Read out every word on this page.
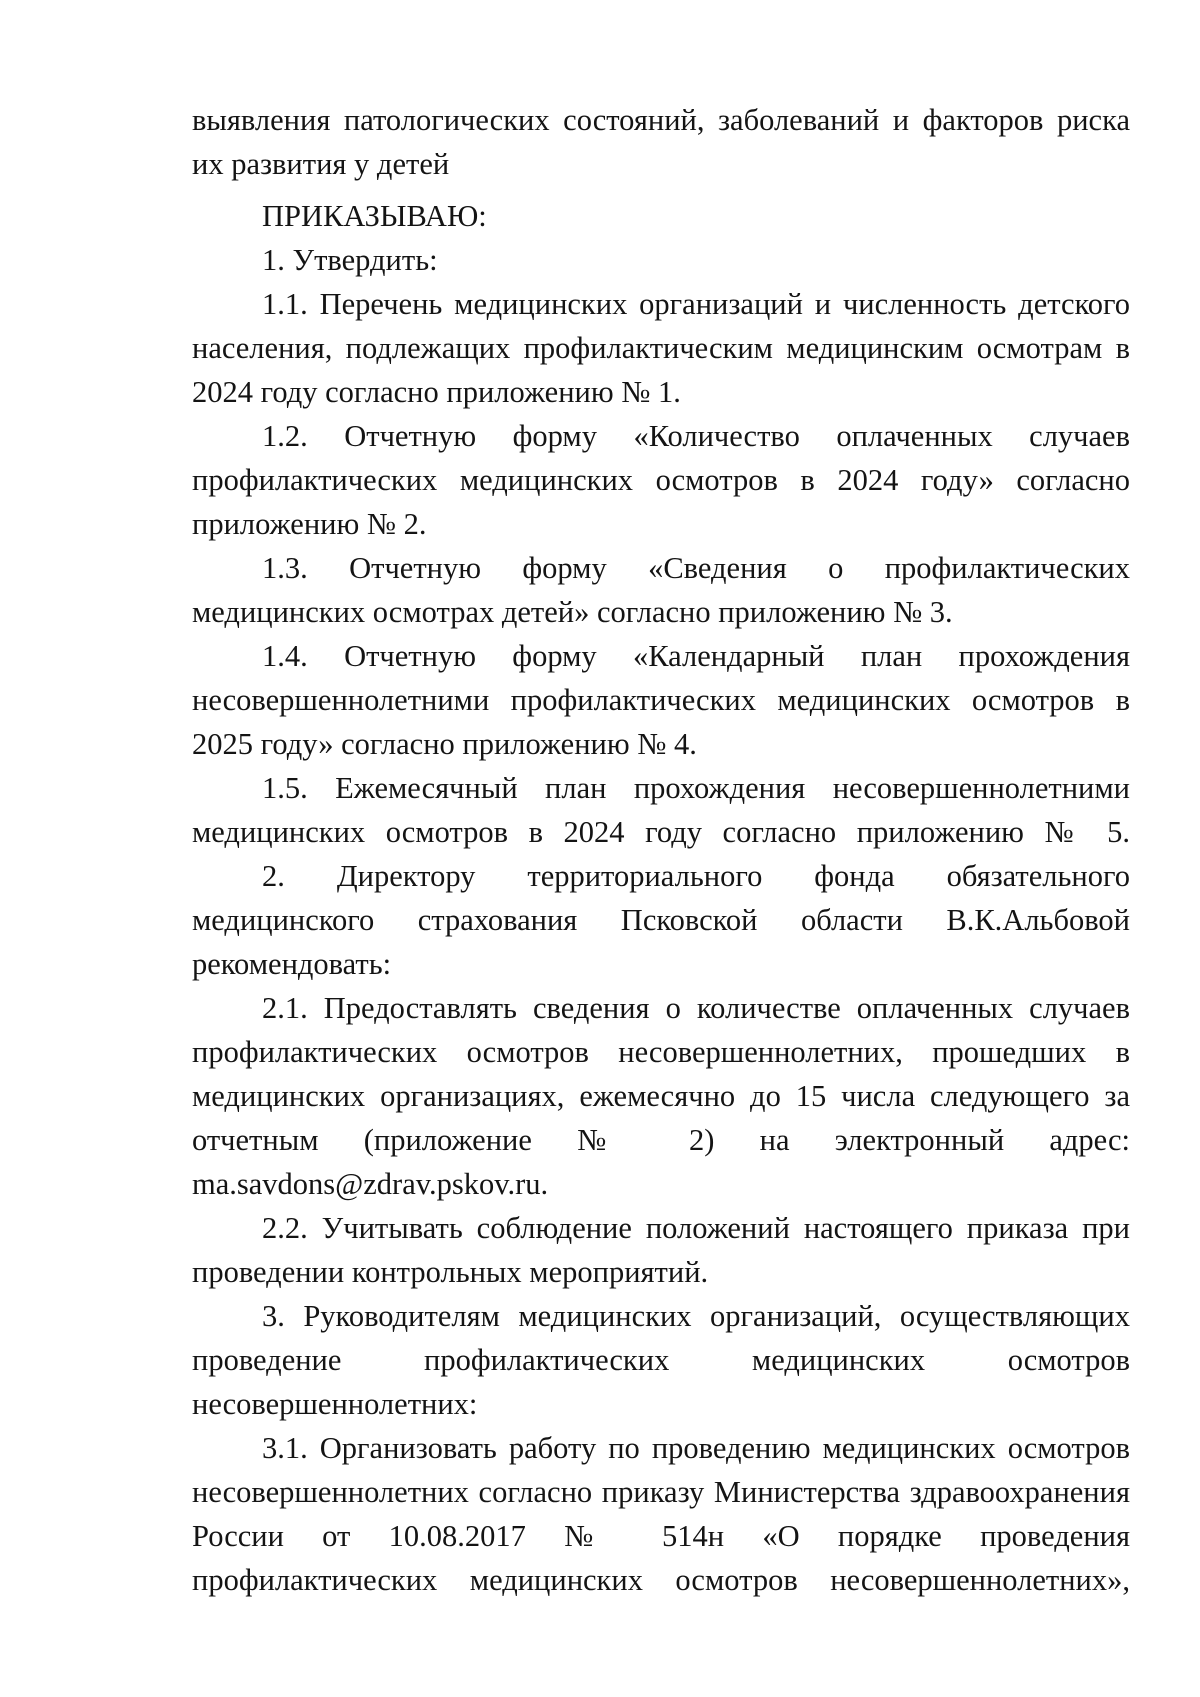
выявления патологических состояний, заболеваний и факторов риска их развития у детей

ПРИКАЗЫВАЮ:

1. Утвердить:

1.1. Перечень медицинских организаций и численность детского населения, подлежащих профилактическим медицинским осмотрам в 2024 году согласно приложению № 1.

1.2. Отчетную форму «Количество оплаченных случаев профилактических медицинских осмотров в 2024 году» согласно приложению № 2.

1.3. Отчетную форму «Сведения о профилактических медицинских осмотрах детей» согласно приложению № 3.

1.4. Отчетную форму «Календарный план прохождения несовершеннолетними профилактических медицинских осмотров в 2025 году» согласно приложению № 4.

1.5. Ежемесячный план прохождения несовершеннолетними медицинских осмотров в 2024 году согласно приложению № 5.

2. Директору территориального фонда обязательного медицинского страхования Псковской области В.К.Альбовой рекомендовать:

2.1. Предоставлять сведения о количестве оплаченных случаев профилактических осмотров несовершеннолетних, прошедших в медицинских организациях, ежемесячно до 15 числа следующего за отчетным (приложение № 2) на электронный адрес: ma.savdons@zdrav.pskov.ru.

2.2. Учитывать соблюдение положений настоящего приказа при проведении контрольных мероприятий.

3. Руководителям медицинских организаций, осуществляющих проведение профилактических медицинских осмотров несовершеннолетних:

3.1. Организовать работу по проведению медицинских осмотров несовершеннолетних согласно приказу Министерства здравоохранения России от 10.08.2017 № 514н «О порядке проведения профилактических медицинских осмотров несовершеннолетних»,
